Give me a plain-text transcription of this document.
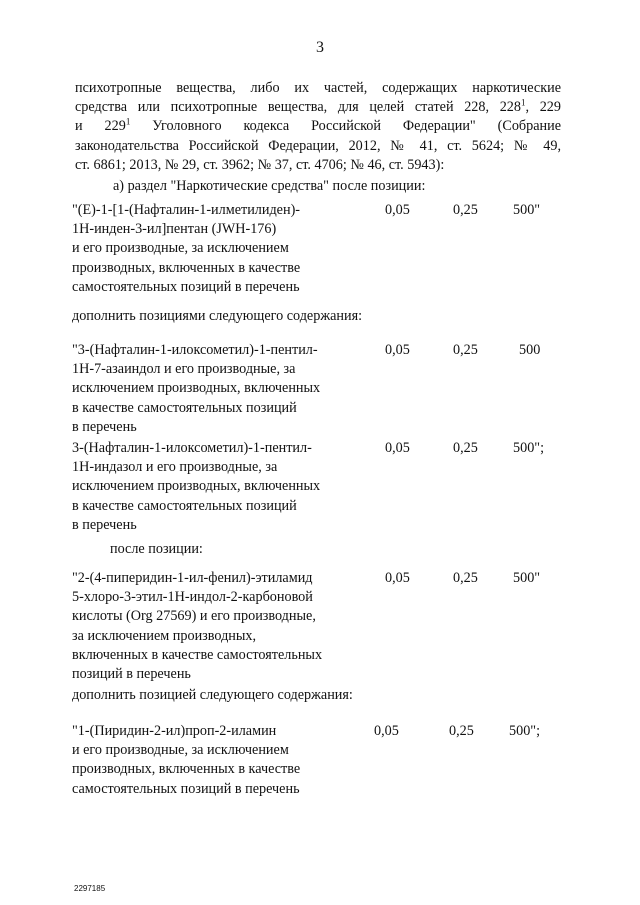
3
психотропные вещества, либо их частей, содержащих наркотические
средства или психотропные вещества, для целей статей 228, $228^1$, 229
и $229^1$ Уголовного кодекса Российской Федерации" (Собрание
законодательства Российской Федерации, 2012, № 41, ст. 5624; № 49,
ст. 6861; 2013, № 29, ст. 3962; № 37, ст. 4706; № 46, ст. 5943):
а) раздел "Наркотические средства" после позиции:
"(Е)-1-[1-(Нафталин-1-илметилиден)-
1Н-инден-3-ил]пентан (JWH-176)
и его производные, за исключением
производных, включенных в качестве
самостоятельных позиций в перечень
0,05	0,25 500"
дополнить позициями следующего содержания:
"3-(Нафталин-1-илоксометил)-1-пентил-
1Н-7-азаиндол и его производные, за
исключением производных, включенных
в качестве самостоятельных позиций
в перечень
0,05	0,25	500
3-(Нафталин-1-илоксометил)-1-пентил-
1Н-индазол и его производные, за
исключением производных, включенных
в качестве самостоятельных позиций
в перечень
0,05	0,25 500";
после позиции:
"2-(4-пиперидин-1-ил-фенил)-этиламид
5-хлоро-3-этил-1Н-индол-2-карбоновой
кислоты (Org 27569) и его производные,
за исключением производных,
включенных в качестве самостоятельных
позиций в перечень
0,05	0,25 500"
дополнить позицией следующего содержания:
"1-(Пиридин-2-ил)проп-2-иламин
и его производные, за исключением
производных, включенных в качестве
самостоятельных позиций в перечень
0,05	0,25 500";
2297185
